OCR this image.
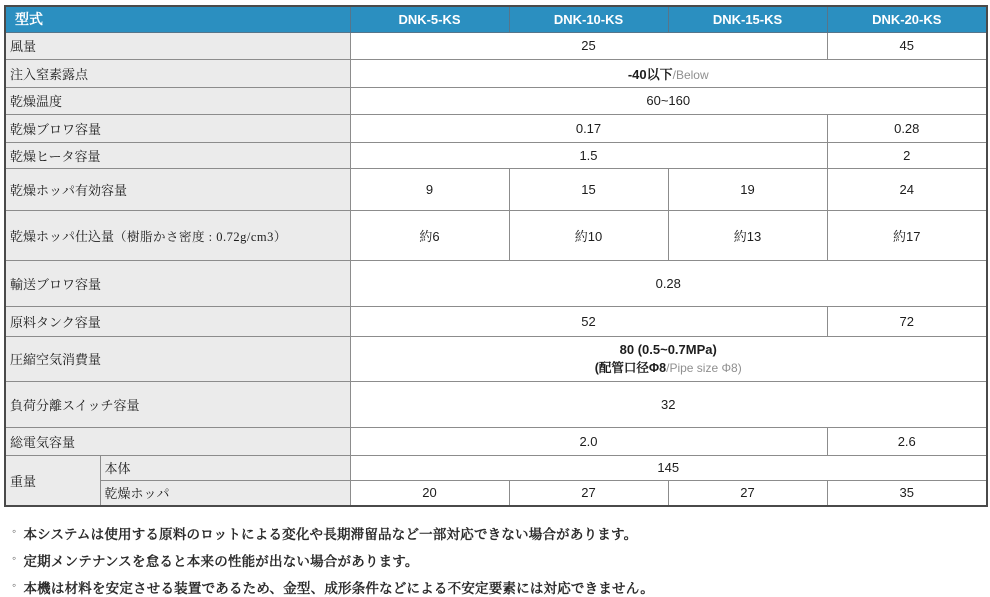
型式		DNK-5-KS	DNK-10-KS	DNK-15-KS	DNK-20-KS
風量		25			45
注入窒素露点		-40以下/Below			
乾燥温度		60~160			
乾燥ブロワ容量		0.17			0.28
乾燥ヒータ容量		1.5			2
乾燥ホッパ有効容量		9	15	19	24
乾燥ホッパ仕込量（樹脂かさ密度 : 0.72g/cm3）		約6	約10	約13	約17
輸送ブロワ容量		0.28			
原料タンク容量		52			72
圧縮空気消費量		80 (0.5~0.7MPa)
(配管口径Φ8/Pipe size Φ8)			

負荷分離スイッチ容量		32			
総電気容量		2.0			2.6
重量	本体	145			
	乾燥ホッパ	20	27	27	35
◦ 本システムは使用する原料のロットによる変化や長期滞留品など一部対応できない場合があります。
◦ 定期メンテナンスを怠ると本来の性能が出ない場合があります。
◦ 本機は材料を安定させる装置であるため、金型、成形条件などによる不安定要素には対応できません。
